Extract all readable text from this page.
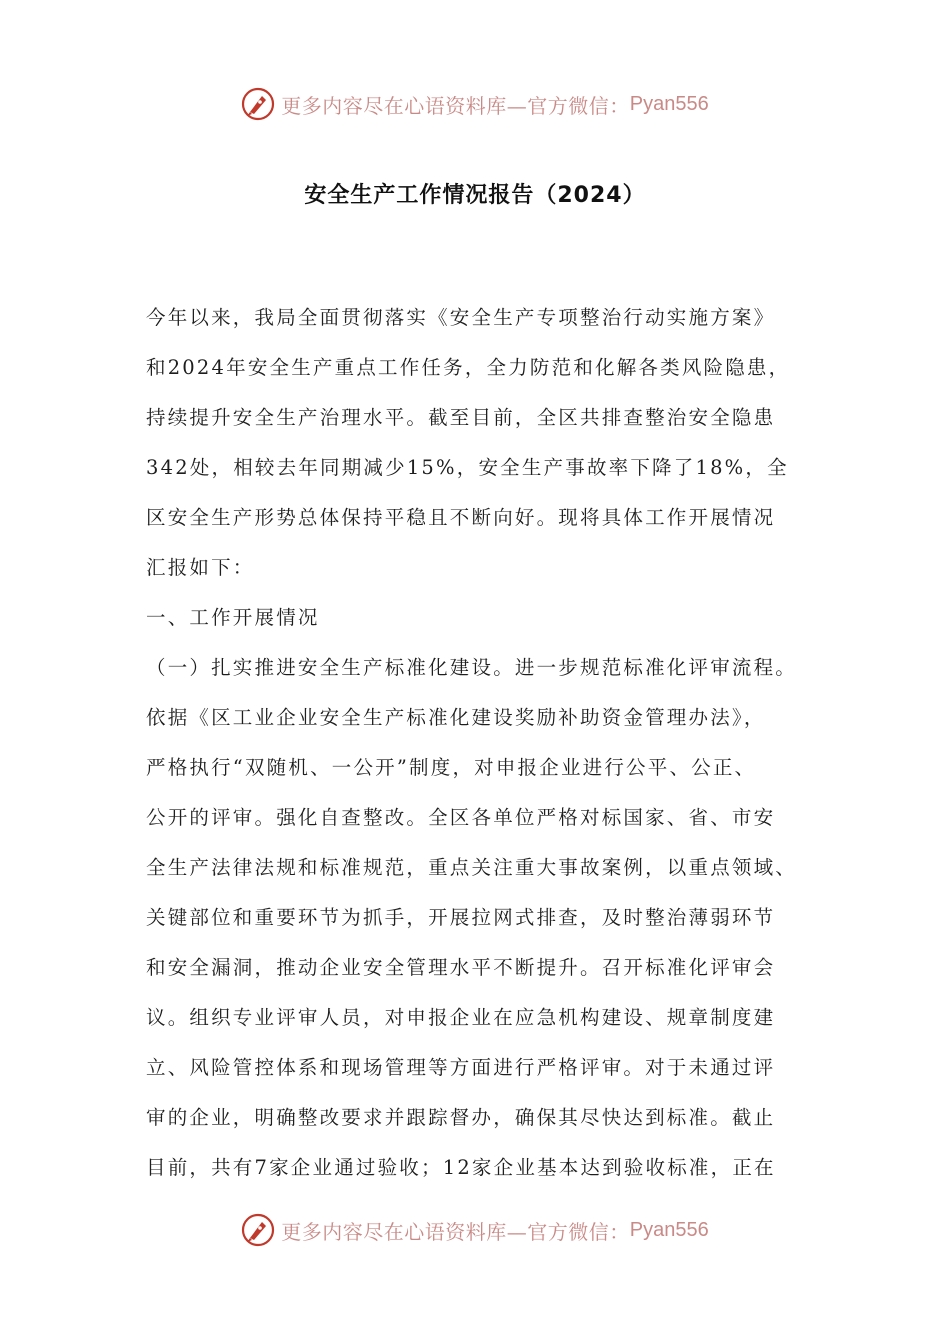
更多内容尽在心语资料库—官方微信： Pyan556
安全生产工作情况报告（2024）
今年以来，我局全面贯彻落实《安全生产专项整治行动实施方案》
和2024年安全生产重点工作任务，全力防范和化解各类风险隐患，
持续提升安全生产治理水平。截至目前，全区共排查整治安全隐患
342处，相较去年同期减少15%，安全生产事故率下降了18%，全
区安全生产形势总体保持平稳且不断向好。现将具体工作开展情况
汇报如下：
一、工作开展情况
（一）扎实推进安全生产标准化建设。进一步规范标准化评审流程。
依据《区工业企业安全生产标准化建设奖励补助资金管理办法》，
严格执行“双随机、一公开”制度，对申报企业进行公平、公正、
公开的评审。强化自查整改。全区各单位严格对标国家、省、市安
全生产法律法规和标准规范，重点关注重大事故案例，以重点领域、
关键部位和重要环节为抓手，开展拉网式排查，及时整治薄弱环节
和安全漏洞，推动企业安全管理水平不断提升。召开标准化评审会
议。组织专业评审人员，对申报企业在应急机构建设、规章制度建
立、风险管控体系和现场管理等方面进行严格评审。对于未通过评
审的企业，明确整改要求并跟踪督办，确保其尽快达到标准。截止
目前，共有7家企业通过验收；12家企业基本达到验收标准，正在
更多内容尽在心语资料库—官方微信： Pyan556
